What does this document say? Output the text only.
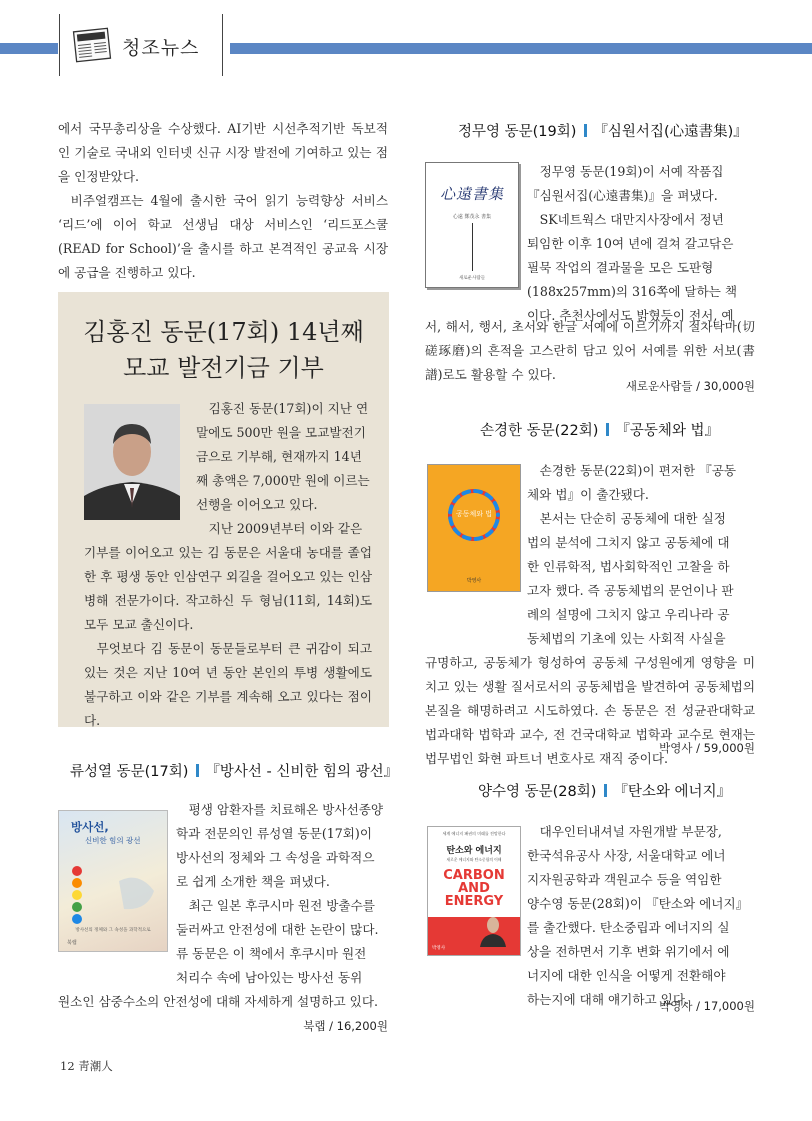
청조뉴스

에서 국무총리상을 수상했다. AI기반 시선추적기반 독보적인 기술로 국내외 인터넷 신규 시장 발전에 기여하고 있는 점을 인정받았다.

비주얼캠프는 4월에 출시한 국어 읽기 능력향상 서비스 ‘리드’에 이어 학교 선생님 대상 서비스인 ‘리드포스쿨(READ for School)’을 출시를 하고 본격적인 공교육 시장에 공급을 진행하고 있다.

김홍진 동문(17회) 14년째
모교 발전기금 기부
김홍진 동문(17회)이 지난 연
말에도 500만 원을 모교발전기
금으로 기부해, 현재까지 14년
째 총액은 7,000만 원에 이르는
선행을 이어오고 있다.
지난 2009년부터 이와 같은

기부를 이어오고 있는 김 동문은 서울대 농대를 졸업한 후 평생 동안 인삼연구 외길을 걸어오고 있는 인삼병해 전문가이다. 작고하신 두 형님(11회, 14회)도 모두 모교 출신이다.

무엇보다 김 동문이 동문들로부터 큰 귀감이 되고 있는 것은 지난 10여 년 동안 본인의 투병 생활에도 불구하고 이와 같은 기부를 계속해 오고 있다는 점이다.

류성열 동문(17회) 『방사선 - 신비한 힘의 광선』
방사선,
신비한 힘의 광선
방사선의 정체와 그 속성을 과학적으로
북랩
평생 암환자를 치료해온 방사선종양
학과 전문의인 류성열 동문(17회)이
방사선의 정체와 그 속성을 과학적으
로 쉽게 소개한 책을 펴냈다.
최근 일본 후쿠시마 원전 방출수를
둘러싸고 안전성에 대한 논란이 많다.
류 동문은 이 책에서 후쿠시마 원전
처리수 속에 남아있는 방사선 동위
원소인 삼중수소의 안전성에 대해 자세하게 설명하고 있다.
북랩 / 16,200원
정무영 동문(19회) 『심원서집(心遠書集)』
心遠書集
心遠 鄭茂永 書集
새로운사람들
정무영 동문(19회)이 서예 작품집
『심원서집(心遠書集)』을 펴냈다.
SK네트웍스 대만지사장에서 정년
퇴임한 이후 10여 년에 걸쳐 갈고닦은
필묵 작업의 결과물을 모은 도판형
(188x257mm)의 316쪽에 달하는 책
이다. 추천사에서도 밝혔듯이 전서, 예
서, 해서, 행서, 초서와 한글 서예에 이르기까지 절차탁마(切磋琢磨)의 흔적을 고스란히 담고 있어 서예를 위한 서보(書譜)로도 활용할 수 있다.
새로운사람들 / 30,000원
손경한 동문(22회) 『공동체와 법』
공동체와 법
박영사
손경한 동문(22회)이 편저한 『공동
체와 법』이 출간됐다.
본서는 단순히 공동체에 대한 실정
법의 분석에 그치지 않고 공동체에 대
한 인류학적, 법사회학적인 고찰을 하
고자 했다. 즉 공동체법의 문언이나 판
례의 설명에 그치지 않고 우리나라 공
동체법의 기초에 있는 사회적 사실을
규명하고, 공동체가 형성하여 공동체 구성원에게 영향을 미치고 있는 생활 질서로서의 공동체법을 발견하여 공동체법의 본질을 해명하려고 시도하였다. 손 동문은 전 성균관대학교 법과대학 법학과 교수, 전 건국대학교 법학과 교수로 현재는 법무법인 화현 파트너 변호사로 재직 중이다.
박영사 / 59,000원
양수영 동문(28회) 『탄소와 에너지』
세계 에너지 패권의 미래를 전망한다
탄소와 에너지
새로운 에너지와 탄소중립의 이해
CARBON
AND
ENERGY
박영사
대우인터내셔널 자원개발 부문장,
한국석유공사 사장, 서울대학교 에너
지자원공학과 객원교수 등을 역임한
양수영 동문(28회)이 『탄소와 에너지』
를 출간했다. 탄소중립과 에너지의 실
상을 전하면서 기후 변화 위기에서 에
너지에 대한 인식을 어떻게 전환해야
하는지에 대해 얘기하고 있다.
박영사 / 17,000원
12 靑潮人
